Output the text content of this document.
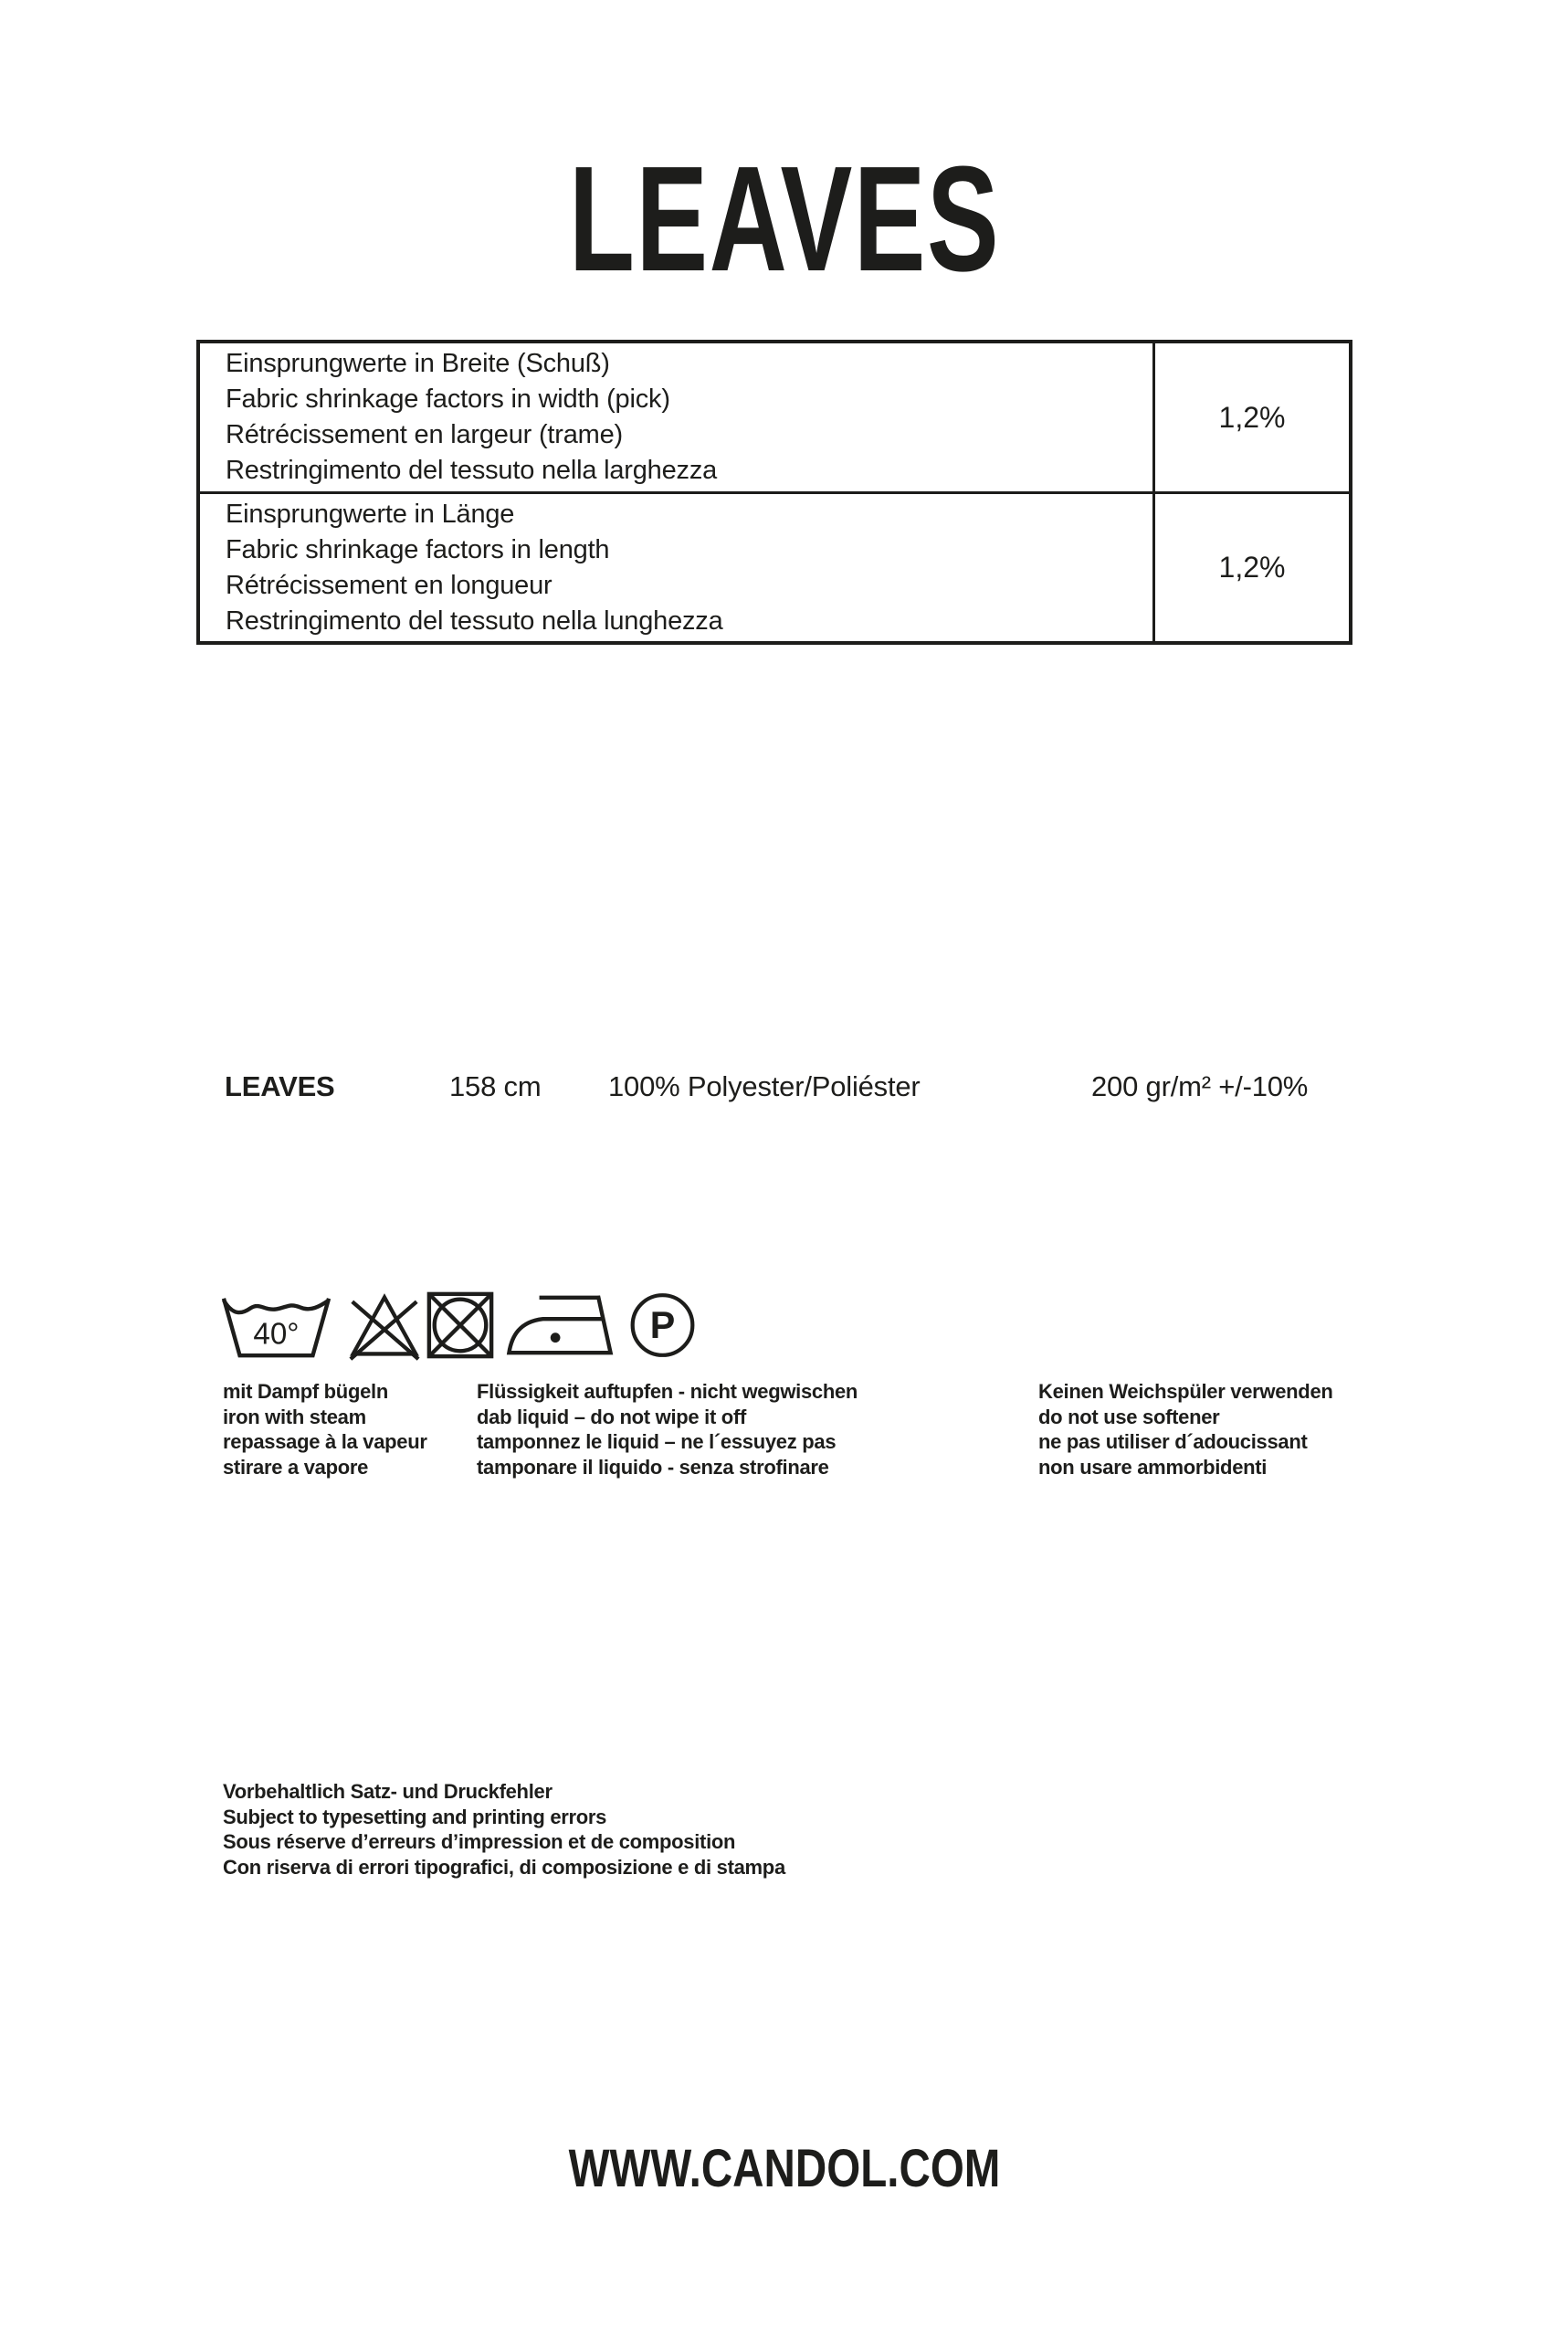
LEAVES
Einsprungwerte in Breite (Schuß)
Fabric shrinkage factors in width (pick)
Rétrécissement en largeur (trame)
Restringimento del tessuto nella larghezza
1,2%
Einsprungwerte in Länge
Fabric shrinkage factors in length
Rétrécissement en longueur
Restringimento del tessuto nella lunghezza
1,2%
LEAVES	158 cm 100% Polyester/Poliéster	200 gr/m² +/-10%
40°	P
mit Dampf bügeln
iron with steam
repassage à la vapeur
stirare a vapore
Flüssigkeit auftupfen - nicht wegwischen
dab liquid – do not wipe it off
tamponnez le liquid – ne l´essuyez pas
tamponare il liquido - senza strofinare
Keinen Weichspüler verwenden
do not use softener
ne pas utiliser d´adoucissant
non usare ammorbidenti
Vorbehaltlich Satz- und Druckfehler
Subject to typesetting and printing errors
Sous réserve d’erreurs d’impression et de composition
Con riserva di errori tipografici, di composizione e di stampa
WWW.CANDOL.COM
